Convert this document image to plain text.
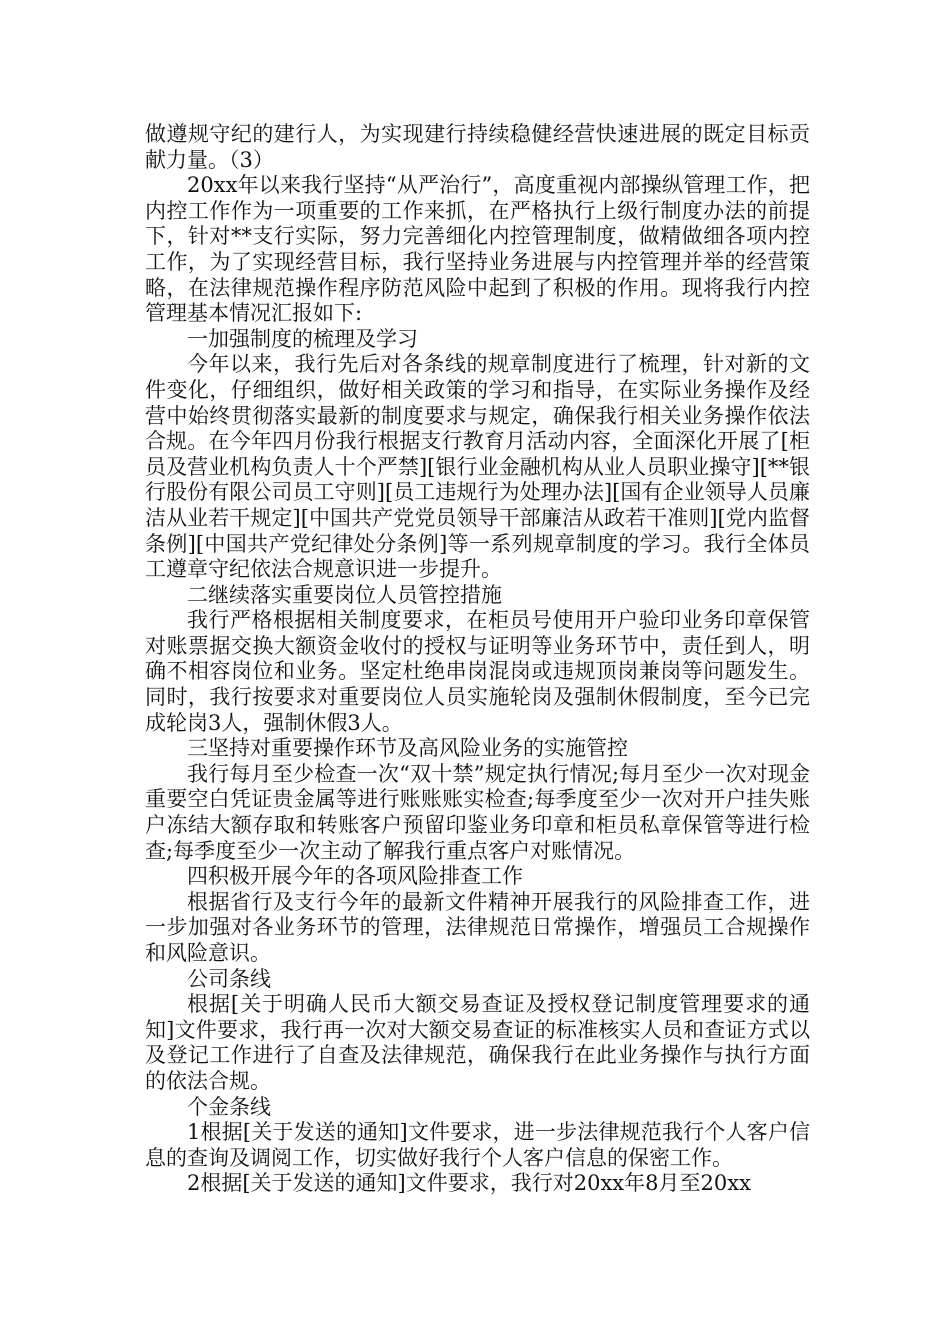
做遵规守纪的建行人，为实现建行持续稳健经营快速进展的既定目标贡献力量。（3）

20xx年以来我行坚持“从严治行”，高度重视内部操纵管理工作，把内控工作作为一项重要的工作来抓，在严格执行上级行制度办法的前提下，针对**支行实际，努力完善细化内控管理制度，做精做细各项内控工作，为了实现经营目标，我行坚持业务进展与内控管理并举的经营策略，在法律规范操作程序防范风险中起到了积极的作用。现将我行内控管理基本情况汇报如下:

一加强制度的梳理及学习

今年以来，我行先后对各条线的规章制度进行了梳理，针对新的文件变化，仔细组织，做好相关政策的学习和指导，在实际业务操作及经营中始终贯彻落实最新的制度要求与规定，确保我行相关业务操作依法合规。在今年四月份我行根据支行教育月活动内容，全面深化开展了[柜员及营业机构负责人十个严禁][银行业金融机构从业人员职业操守][**银行股份有限公司员工守则][员工违规行为处理办法][国有企业领导人员廉洁从业若干规定][中国共产党党员领导干部廉洁从政若干准则][党内监督条例][中国共产党纪律处分条例]等一系列规章制度的学习。我行全体员工遵章守纪依法合规意识进一步提升。

二继续落实重要岗位人员管控措施

我行严格根据相关制度要求，在柜员号使用开户验印业务印章保管对账票据交换大额资金收付的授权与证明等业务环节中，责任到人，明确不相容岗位和业务。坚定杜绝串岗混岗或违规顶岗兼岗等问题发生。同时，我行按要求对重要岗位人员实施轮岗及强制休假制度，至今已完成轮岗3人，强制休假3人。

三坚持对重要操作环节及高风险业务的实施管控

我行每月至少检查一次“双十禁”规定执行情况;每月至少一次对现金重要空白凭证贵金属等进行账账账实检查;每季度至少一次对开户挂失账户冻结大额存取和转账客户预留印鉴业务印章和柜员私章保管等进行检查;每季度至少一次主动了解我行重点客户对账情况。

四积极开展今年的各项风险排查工作

根据省行及支行今年的最新文件精神开展我行的风险排查工作，进一步加强对各业务环节的管理，法律规范日常操作，增强员工合规操作和风险意识。

公司条线

根据[关于明确人民币大额交易查证及授权登记制度管理要求的通知]文件要求，我行再一次对大额交易查证的标准核实人员和查证方式以及登记工作进行了自查及法律规范，确保我行在此业务操作与执行方面的依法合规。

个金条线

1根据[关于发送的通知]文件要求，进一步法律规范我行个人客户信息的查询及调阅工作，切实做好我行个人客户信息的保密工作。

2根据[关于发送的通知]文件要求，我行对20xx年8月至20xx
